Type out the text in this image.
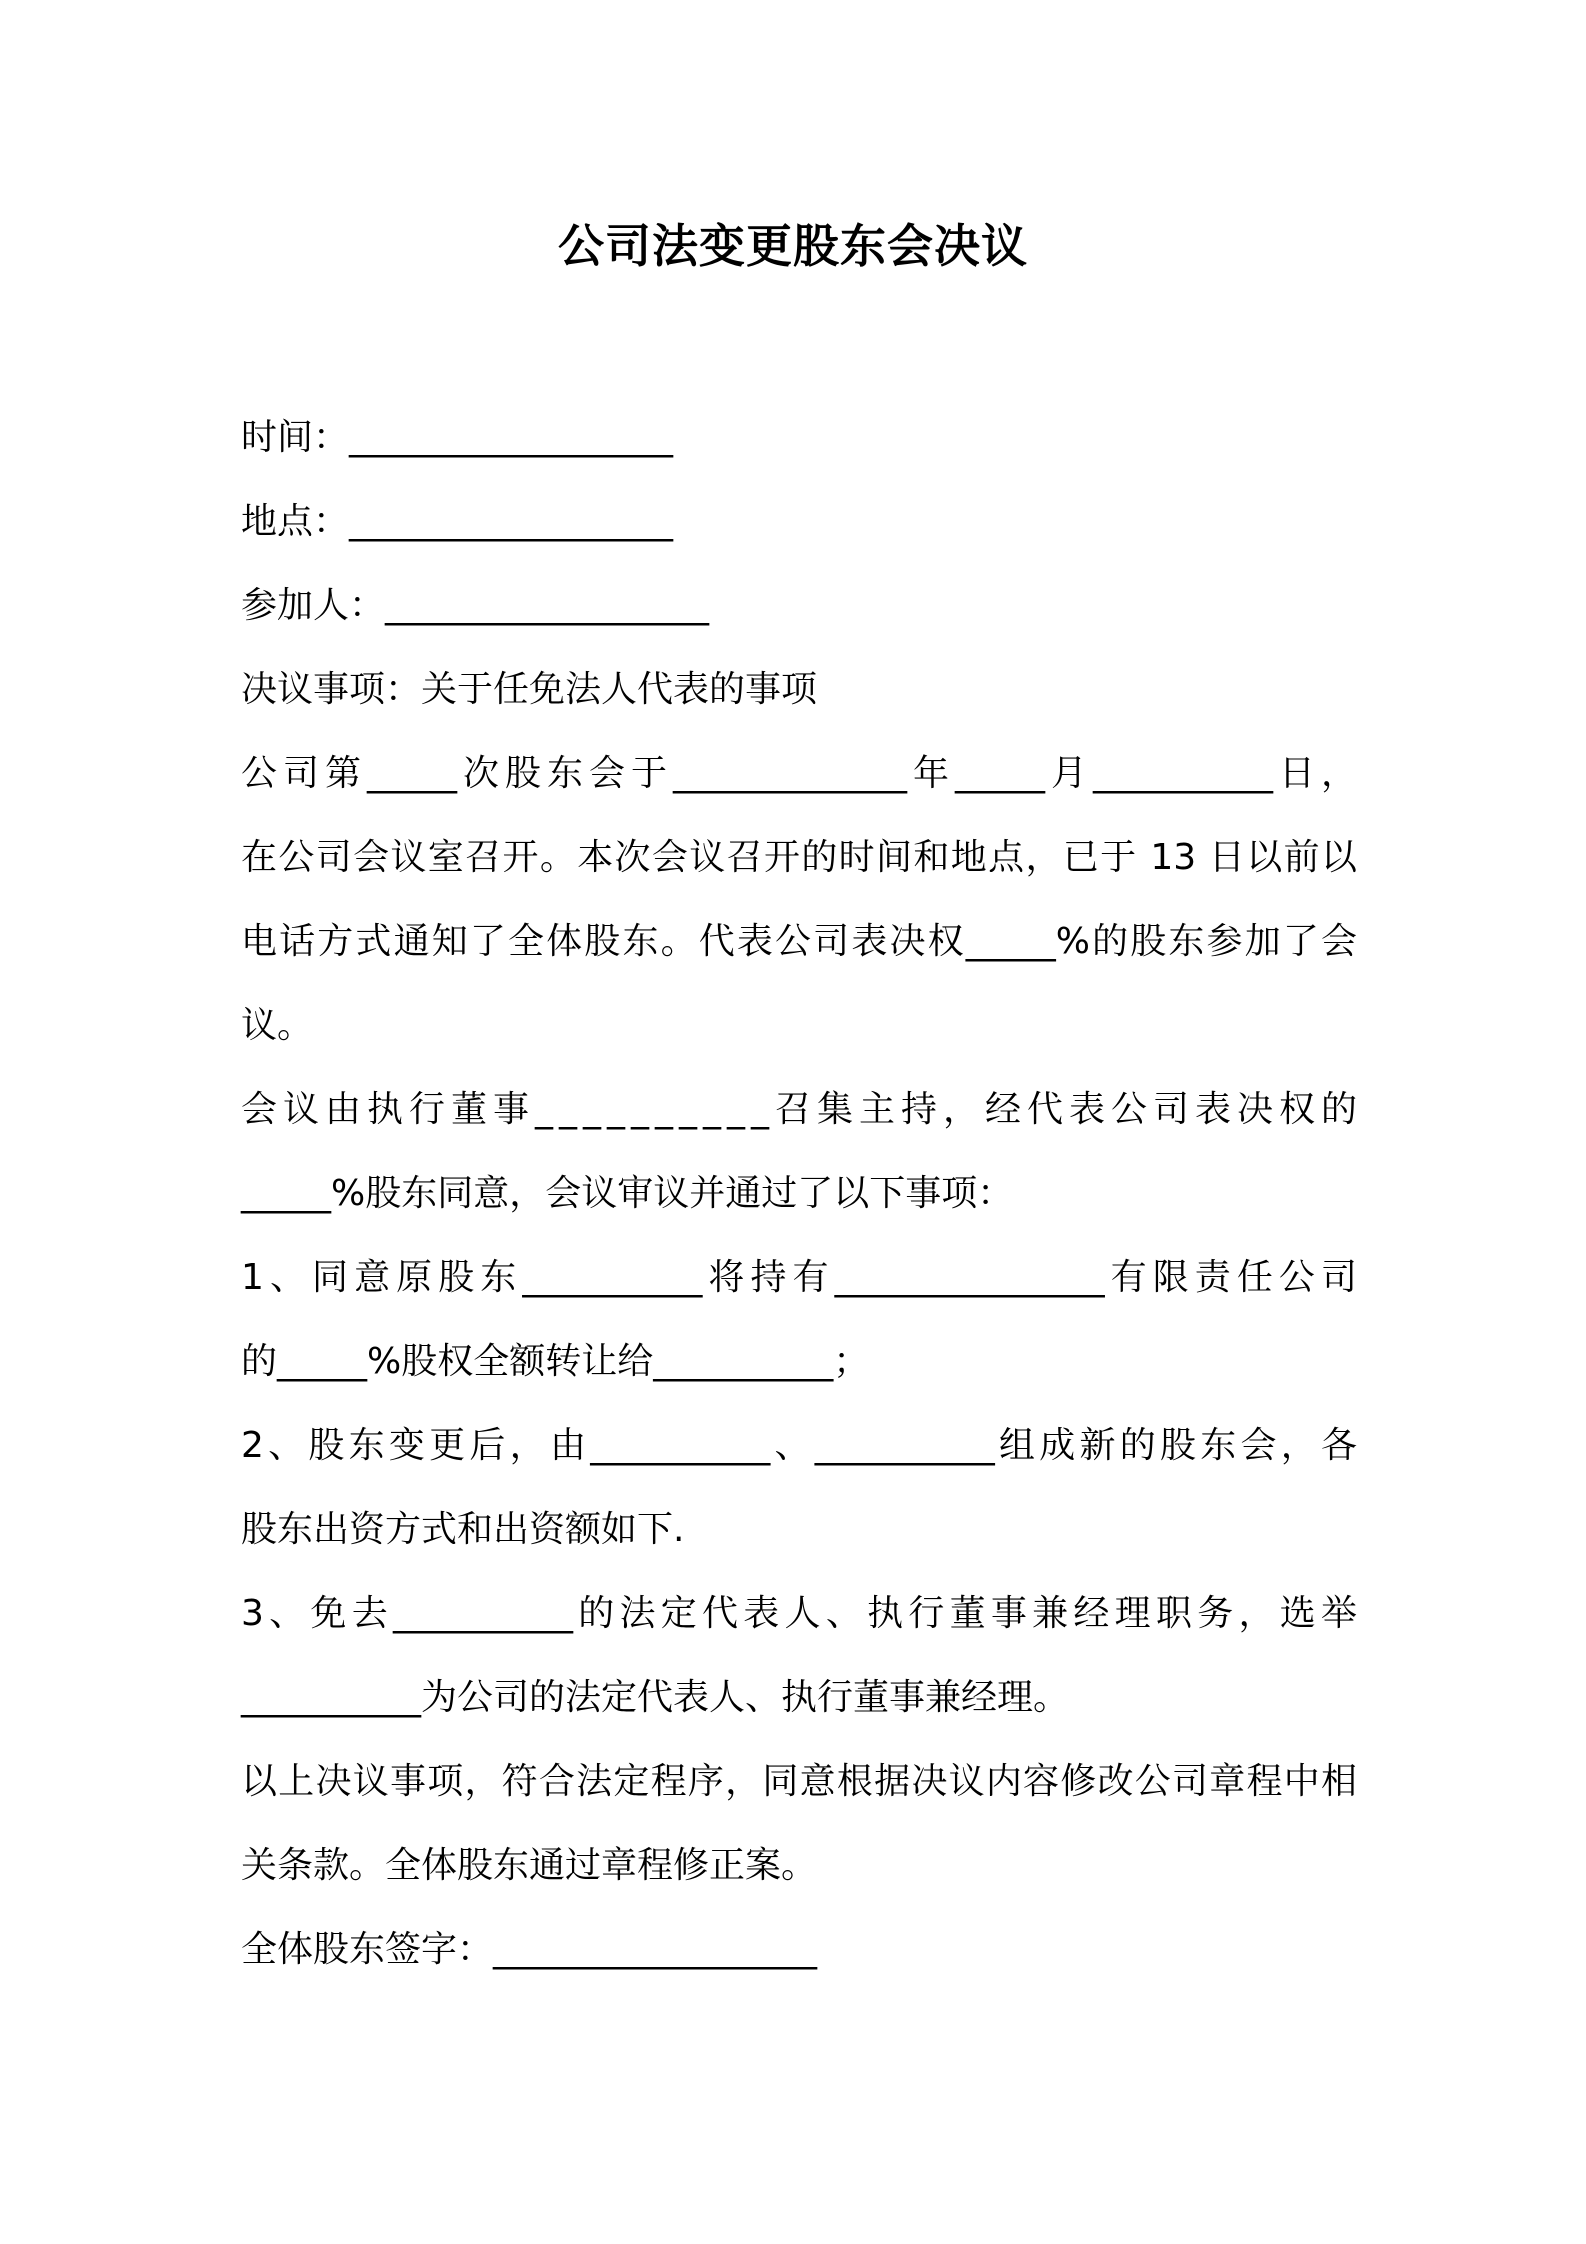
公司法变更股东会决议
时间：__________________
地点：__________________
参加人：__________________
决议事项：关于任免法人代表的事项
公司第_____次股东会于_____________年_____月__________日，
在公司会议室召开。本次会议召开的时间和地点，已于 13 日以前以
电话方式通知了全体股东。代表公司表决权_____%的股东参加了会
议。
会议由执行董事__________召集主持，经代表公司表决权的
_____%股东同意，会议审议并通过了以下事项：
1、同意原股东__________将持有_______________有限责任公司
的_____%股权全额转让给__________；
2、股东变更后，由__________、__________组成新的股东会，各
股东出资方式和出资额如下.
3、免去__________的法定代表人、执行董事兼经理职务，选举
__________为公司的法定代表人、执行董事兼经理。
以上决议事项，符合法定程序，同意根据决议内容修改公司章程中相
关条款。全体股东通过章程修正案。
全体股东签字：__________________
